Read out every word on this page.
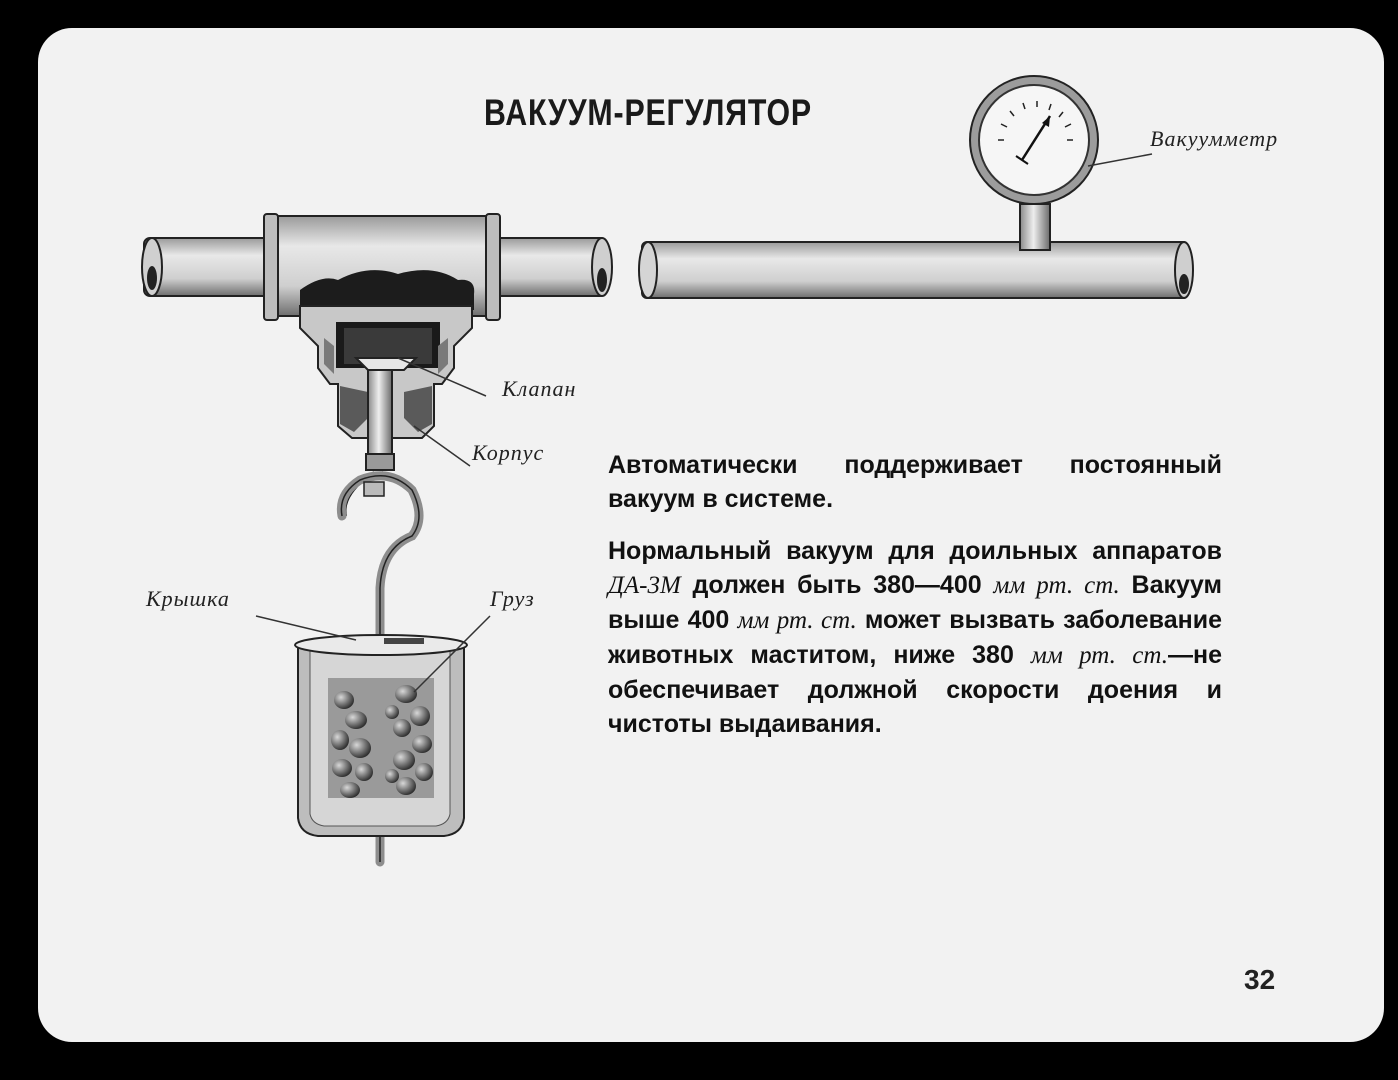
ВАКУУМ-РЕГУЛЯТОР
Вакуумметр
Клапан
Корпус
Крышка	Груз

Автоматически поддерживает постоянный вакуум в системе.

Нормальный вакуум для доильных аппаратов ДА-3М должен быть 380—400 мм рт. ст. Вакуум выше 400 мм рт. ст. может вызвать заболевание животных маститом, ниже 380 мм рт. ст.—не обеспечивает должной скорости доения и чистоты выдаивания.

32
